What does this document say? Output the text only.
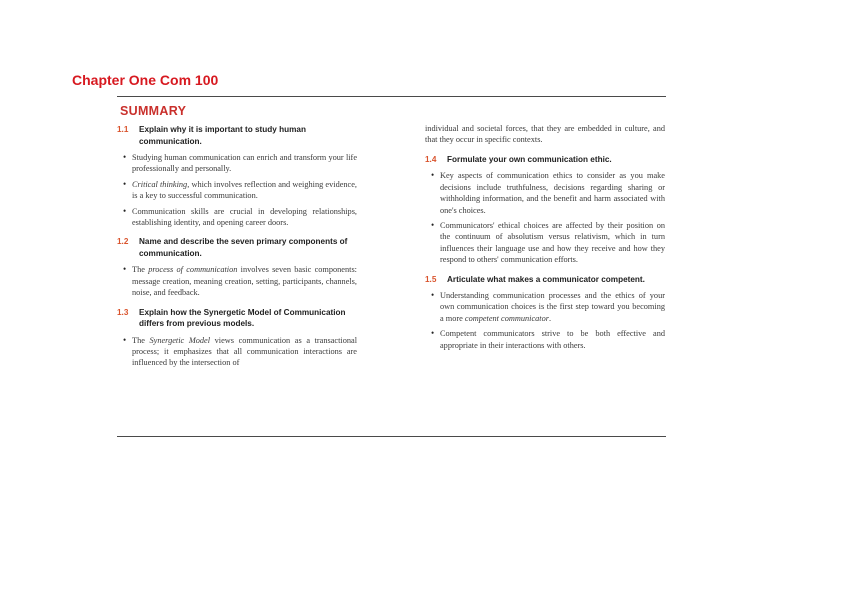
Chapter One Com 100
SUMMARY
1.1 Explain why it is important to study human communication.
• Studying human communication can enrich and transform your life professionally and personally.
• Critical thinking, which involves reflection and weighing evidence, is a key to successful communication.
• Communication skills are crucial in developing relationships, establishing identity, and opening career doors.
1.2 Name and describe the seven primary components of communication.
• The process of communication involves seven basic components: message creation, meaning creation, setting, participants, channels, noise, and feedback.
1.3 Explain how the Synergetic Model of Communication differs from previous models.
• The Synergetic Model views communication as a transactional process; it emphasizes that all communication interactions are influenced by the intersection of
individual and societal forces, that they are embedded in culture, and that they occur in specific contexts.
1.4 Formulate your own communication ethic.
• Key aspects of communication ethics to consider as you make decisions include truthfulness, decisions regarding sharing or withholding information, and the benefit and harm associated with one's choices.
• Communicators' ethical choices are affected by their position on the continuum of absolutism versus relativism, which in turn influences their language use and how they receive and how they respond to others' communication efforts.
1.5 Articulate what makes a communicator competent.
• Understanding communication processes and the ethics of your own communication choices is the first step toward you becoming a more competent communicator.
• Competent communicators strive to be both effective and appropriate in their interactions with others.
